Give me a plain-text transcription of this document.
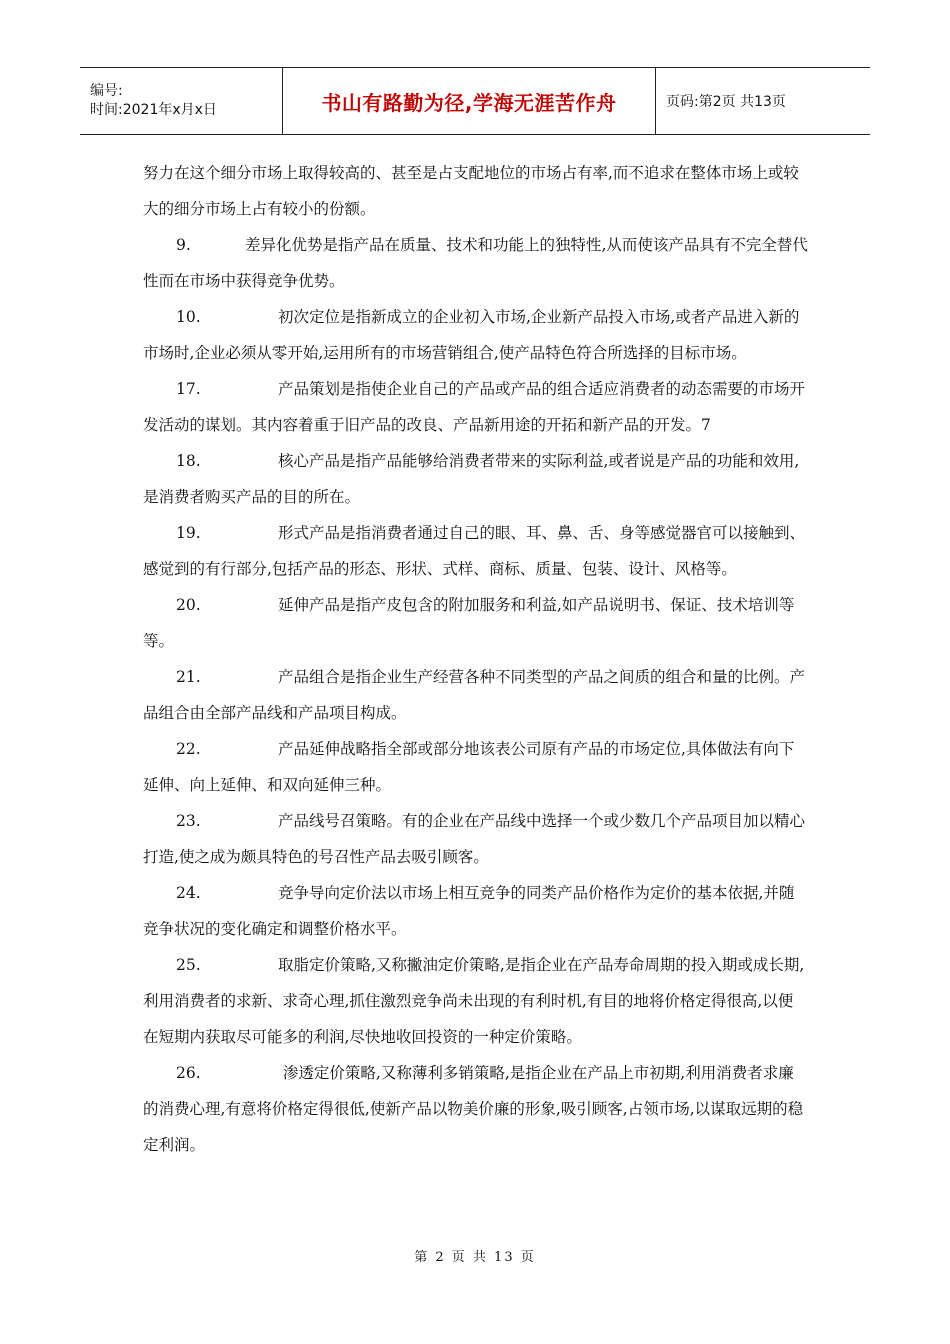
编号:
时间:2021年x月x日	书山有路勤为径,学海无涯苦作舟	页码:第2页 共13页

努力在这个细分市场上取得较高的、甚至是占支配地位的市场占有率,而不追求在整体市场上或较大的细分市场上占有较小的份额。

9.	差异化优势是指产品在质量、技术和功能上的独特性,从而使该产品具有不完全替代性而在市场中获得竞争优势。

10.	初次定位是指新成立的企业初入市场,企业新产品投入市场,或者产品进入新的市场时,企业必须从零开始,运用所有的市场营销组合,使产品特色符合所选择的目标市场。

17.	产品策划是指使企业自己的产品或产品的组合适应消费者的动态需要的市场开发活动的谋划。其内容着重于旧产品的改良、产品新用途的开拓和新产品的开发。7

18.	核心产品是指产品能够给消费者带来的实际利益,或者说是产品的功能和效用,是消费者购买产品的目的所在。

19.	形式产品是指消费者通过自己的眼、耳、鼻、舌、身等感觉器官可以接触到、感觉到的有行部分,包括产品的形态、形状、式样、商标、质量、包装、设计、风格等。

20.	延伸产品是指产皮包含的附加服务和利益,如产品说明书、保证、技术培训等等。

21.	产品组合是指企业生产经营各种不同类型的产品之间质的组合和量的比例。产品组合由全部产品线和产品项目构成。

22.	产品延伸战略指全部或部分地该表公司原有产品的市场定位,具体做法有向下延伸、向上延伸、和双向延伸三种。

23.	产品线号召策略。有的企业在产品线中选择一个或少数几个产品项目加以精心打造,使之成为颇具特色的号召性产品去吸引顾客。

24.	竞争导向定价法以市场上相互竞争的同类产品价格作为定价的基本依据,并随竞争状况的变化确定和调整价格水平。

25.	取脂定价策略,又称撇油定价策略,是指企业在产品寿命周期的投入期或成长期,利用消费者的求新、求奇心理,抓住激烈竞争尚未出现的有利时机,有目的地将价格定得很高,以便在短期内获取尽可能多的利润,尽快地收回投资的一种定价策略。

26.	渗透定价策略,又称薄利多销策略,是指企业在产品上市初期,利用消费者求廉的消费心理,有意将价格定得很低,使新产品以物美价廉的形象,吸引顾客,占领市场,以谋取远期的稳定利润。

第 2 页 共 13 页
